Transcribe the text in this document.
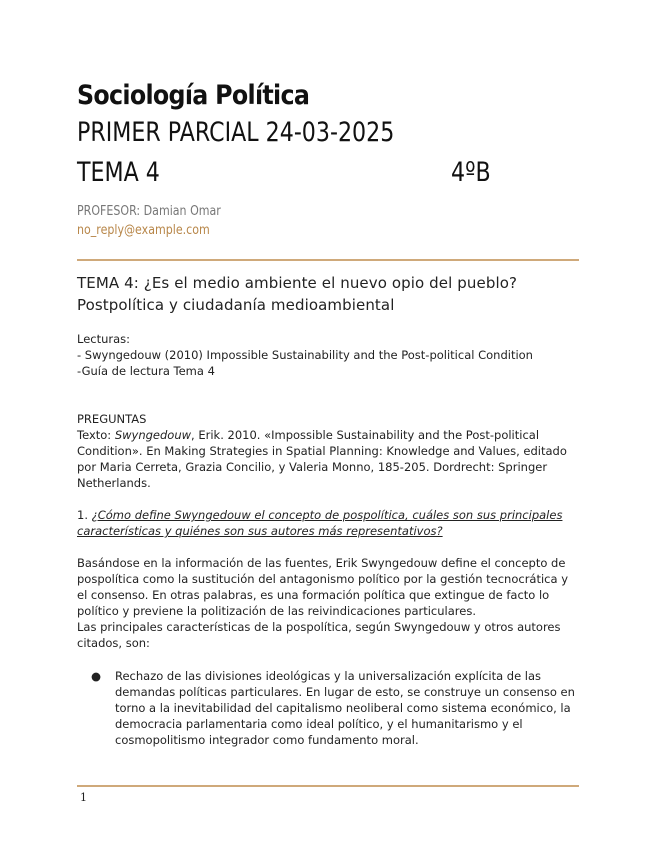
Sociología Política
PRIMER PARCIAL 24-03-2025
TEMA 4	4ºB
PROFESOR: Damian Omar
no_reply@example.com
TEMA 4: ¿Es el medio ambiente el nuevo opio del pueblo? Postpolítica y ciudadanía medioambiental

Lecturas:

- Swyngedouw (2010) Impossible Sustainability and the Post-political Condition

-Guía de lectura Tema 4

PREGUNTAS

Texto: Swyngedouw, Erik. 2010. «Impossible Sustainability and the Post-political Condition». En Making Strategies in Spatial Planning: Knowledge and Values, editado por Maria Cerreta, Grazia Concilio, y Valeria Monno, 185-205. Dordrecht: Springer Netherlands.

1. ¿Cómo define Swyngedouw el concepto de pospolítica, cuáles son sus principales características y quiénes son sus autores más representativos?

Basándose en la información de las fuentes, Erik Swyngedouw define el concepto de pospolítica como la sustitución del antagonismo político por la gestión tecnocrática y el consenso. En otras palabras, es una formación política que extingue de facto lo político y previene la politización de las reivindicaciones particulares.

Las principales características de la pospolítica, según Swyngedouw y otros autores citados, son:

●	Rechazo de las divisiones ideológicas y la universalización explícita de las demandas políticas particulares. En lugar de esto, se construye un consenso en torno a la inevitabilidad del capitalismo neoliberal como sistema económico, la democracia parlamentaria como ideal político, y el humanitarismo y el cosmopolitismo integrador como fundamento moral.
1
